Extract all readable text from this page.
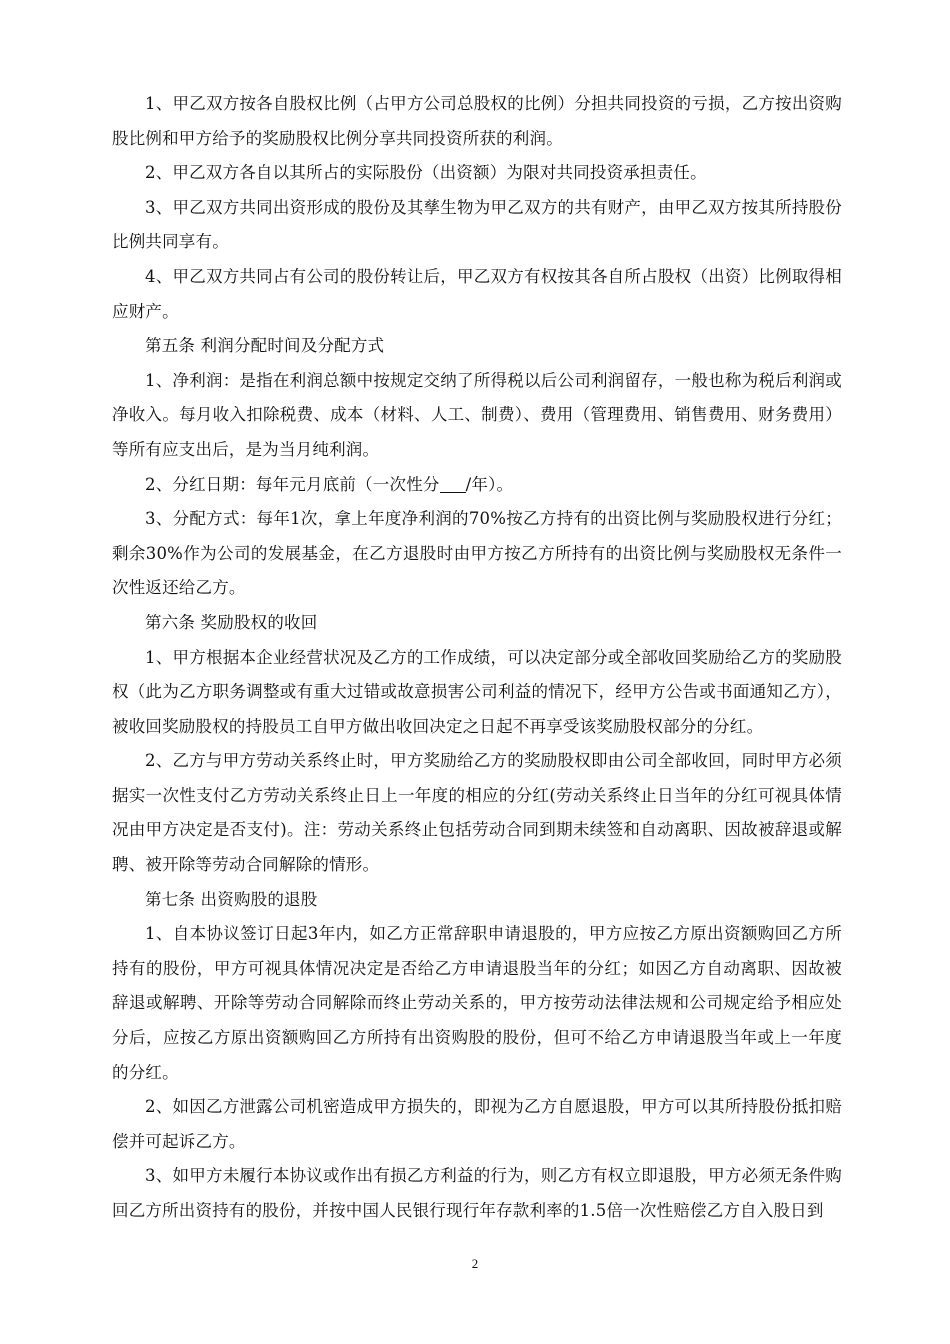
1、甲乙双方按各自股权比例（占甲方公司总股权的比例）分担共同投资的亏损，乙方按出资购股比例和甲方给予的奖励股权比例分享共同投资所获的利润。

2、甲乙双方各自以其所占的实际股份（出资额）为限对共同投资承担责任。

3、甲乙双方共同出资形成的股份及其孳生物为甲乙双方的共有财产，由甲乙双方按其所持股份比例共同享有。

4、甲乙双方共同占有公司的股份转让后，甲乙双方有权按其各自所占股权（出资）比例取得相应财产。

第五条 利润分配时间及分配方式

1、净利润：是指在利润总额中按规定交纳了所得税以后公司利润留存，一般也称为税后利润或净收入。每月收入扣除税费、成本（材料、人工、制费）、费用（管理费用、销售费用、财务费用）等所有应支出后，是为当月纯利润。

2、分红日期：每年元月底前（一次性分 /年）。

3、分配方式：每年1次，拿上年度净利润的70%按乙方持有的出资比例与奖励股权进行分红；剩余30%作为公司的发展基金，在乙方退股时由甲方按乙方所持有的出资比例与奖励股权无条件一次性返还给乙方。

第六条 奖励股权的收回

1、甲方根据本企业经营状况及乙方的工作成绩，可以决定部分或全部收回奖励给乙方的奖励股权（此为乙方职务调整或有重大过错或故意损害公司利益的情况下，经甲方公告或书面通知乙方），被收回奖励股权的持股员工自甲方做出收回决定之日起不再享受该奖励股权部分的分红。

2、乙方与甲方劳动关系终止时，甲方奖励给乙方的奖励股权即由公司全部收回，同时甲方必须据实一次性支付乙方劳动关系终止日上一年度的相应的分红(劳动关系终止日当年的分红可视具体情况由甲方决定是否支付)。注：劳动关系终止包括劳动合同到期未续签和自动离职、因故被辞退或解聘、被开除等劳动合同解除的情形。

第七条 出资购股的退股

1、自本协议签订日起3年内，如乙方正常辞职申请退股的，甲方应按乙方原出资额购回乙方所持有的股份，甲方可视具体情况决定是否给乙方申请退股当年的分红；如因乙方自动离职、因故被辞退或解聘、开除等劳动合同解除而终止劳动关系的，甲方按劳动法律法规和公司规定给予相应处分后，应按乙方原出资额购回乙方所持有出资购股的股份，但可不给乙方申请退股当年或上一年度的分红。

2、如因乙方泄露公司机密造成甲方损失的，即视为乙方自愿退股，甲方可以其所持股份抵扣赔偿并可起诉乙方。

3、如甲方未履行本协议或作出有损乙方利益的行为，则乙方有权立即退股，甲方必须无条件购回乙方所出资持有的股份，并按中国人民银行现行年存款利率的1.5倍一次性赔偿乙方自入股日到

2
